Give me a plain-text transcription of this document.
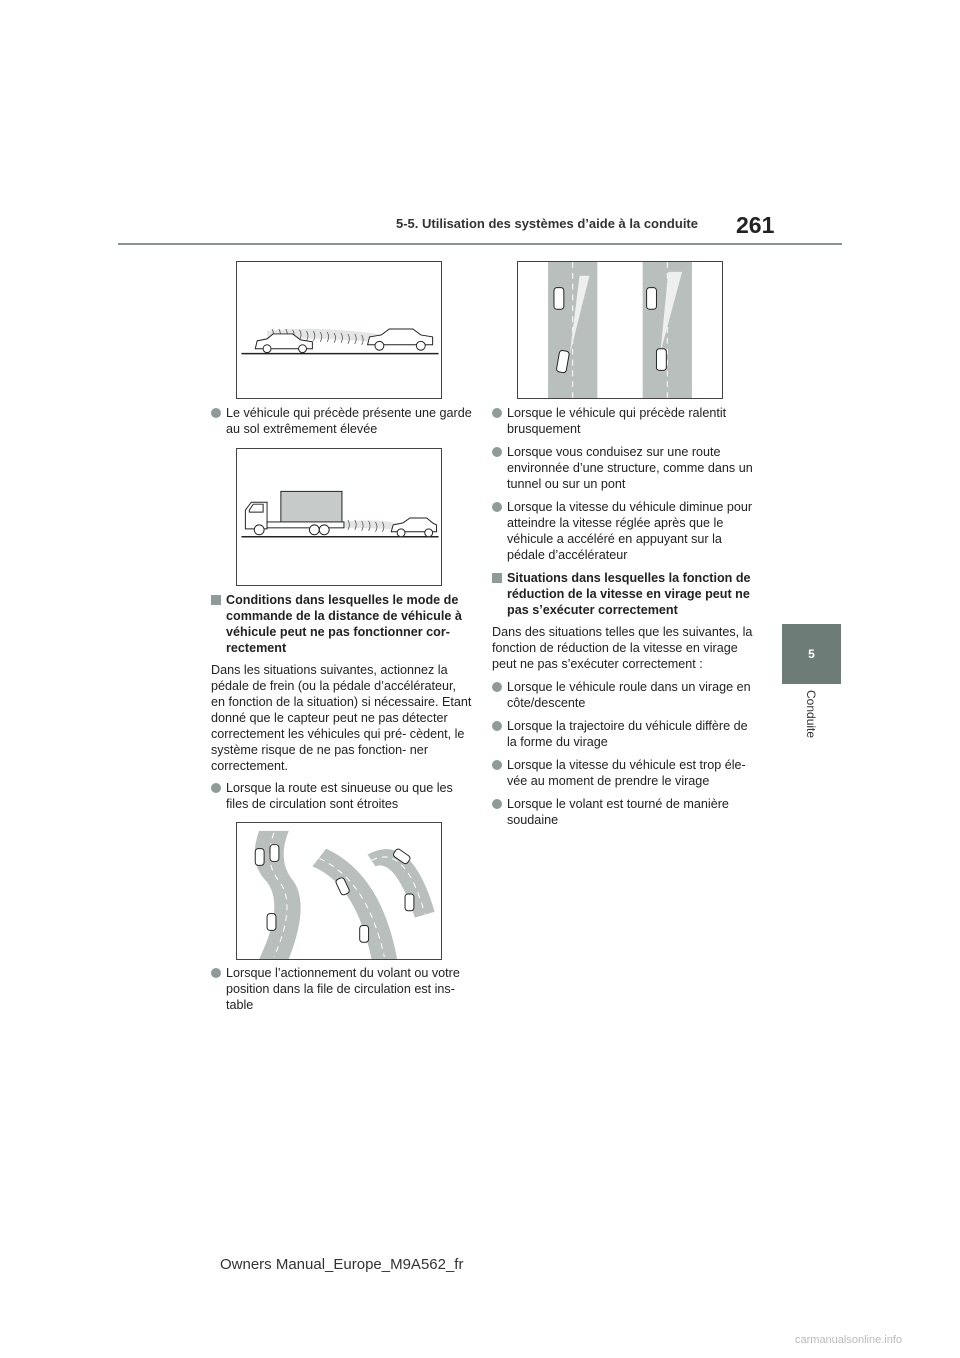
5-5. Utilisation des systèmes d’aide à la conduite 261
5
Conduite

Le véhicule qui précède présente une garde au sol extrêmement élevée

Conditions dans lesquelles le mode de commande de la distance de véhicule à véhicule peut ne pas fonctionner cor- rectement

Dans les situations suivantes, actionnez la pédale de frein (ou la pédale d’accélérateur, en fonction de la situation) si nécessaire. Etant donné que le capteur peut ne pas détecter correctement les véhicules qui pré- cèdent, le système risque de ne pas fonction- ner correctement.

Lorsque la route est sinueuse ou que les files de circulation sont étroites

Lorsque l’actionnement du volant ou votre position dans la file de circulation est ins- table

Lorsque le véhicule qui précède ralentit brusquement

Lorsque vous conduisez sur une route environnée d’une structure, comme dans un tunnel ou sur un pont

Lorsque la vitesse du véhicule diminue pour atteindre la vitesse réglée après que le véhicule a accéléré en appuyant sur la pédale d’accélérateur

Situations dans lesquelles la fonction de réduction de la vitesse en virage peut ne pas s’exécuter correctement

Dans des situations telles que les suivantes, la fonction de réduction de la vitesse en virage peut ne pas s’exécuter correctement :

Lorsque le véhicule roule dans un virage en côte/descente

Lorsque la trajectoire du véhicule diffère de la forme du virage

Lorsque la vitesse du véhicule est trop éle- vée au moment de prendre le virage

Lorsque le volant est tourné de manière soudaine

Owners Manual_Europe_M9A562_fr
carmanualsonline.info
